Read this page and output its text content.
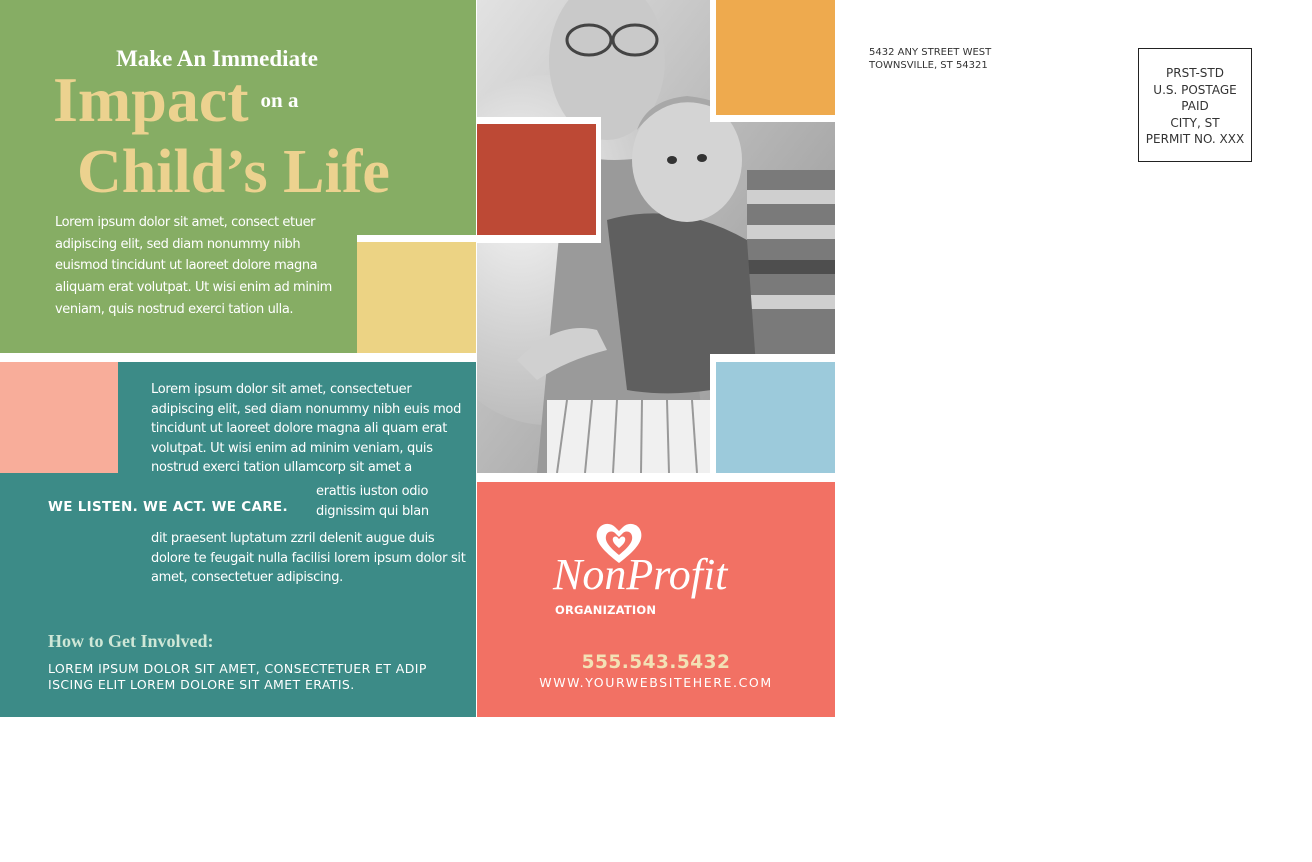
Make An Immediate
Impact on a
Child’s Life
Lorem ipsum dolor sit amet, consect etuer adipiscing elit, sed diam nonummy nibh euismod tincidunt ut laoreet dolore magna aliquam erat volutpat. Ut wisi enim ad minim veniam, quis nostrud exerci tation ulla.
Lorem ipsum dolor sit amet, consectetuer adipiscing elit, sed diam nonummy nibh euis mod tincidunt ut laoreet dolore magna ali quam erat volutpat. Ut wisi enim ad minim veniam, quis nostrud exerci tation ullamcorp sit amet a
erattis iuston odio dignissim qui blan
dit praesent luptatum zzril delenit augue duis dolore te feugait nulla facilisi lorem ipsum dolor sit amet, consectetuer adipiscing.
WE LISTEN. WE ACT. WE CARE.
How to Get Involved:
LOREM IPSUM DOLOR SIT AMET, CONSECTETUER ET ADIP ISCING ELIT LOREM DOLORE SIT AMET ERATIS.
NonProfit
ORGANIZATION
555.543.5432
WWW.YOURWEBSITEHERE.COM
5432 ANY STREET WEST
TOWNSVILLE, ST 54321
PRST-STD
U.S. POSTAGE
PAID
CITY, ST
PERMIT NO. XXX
